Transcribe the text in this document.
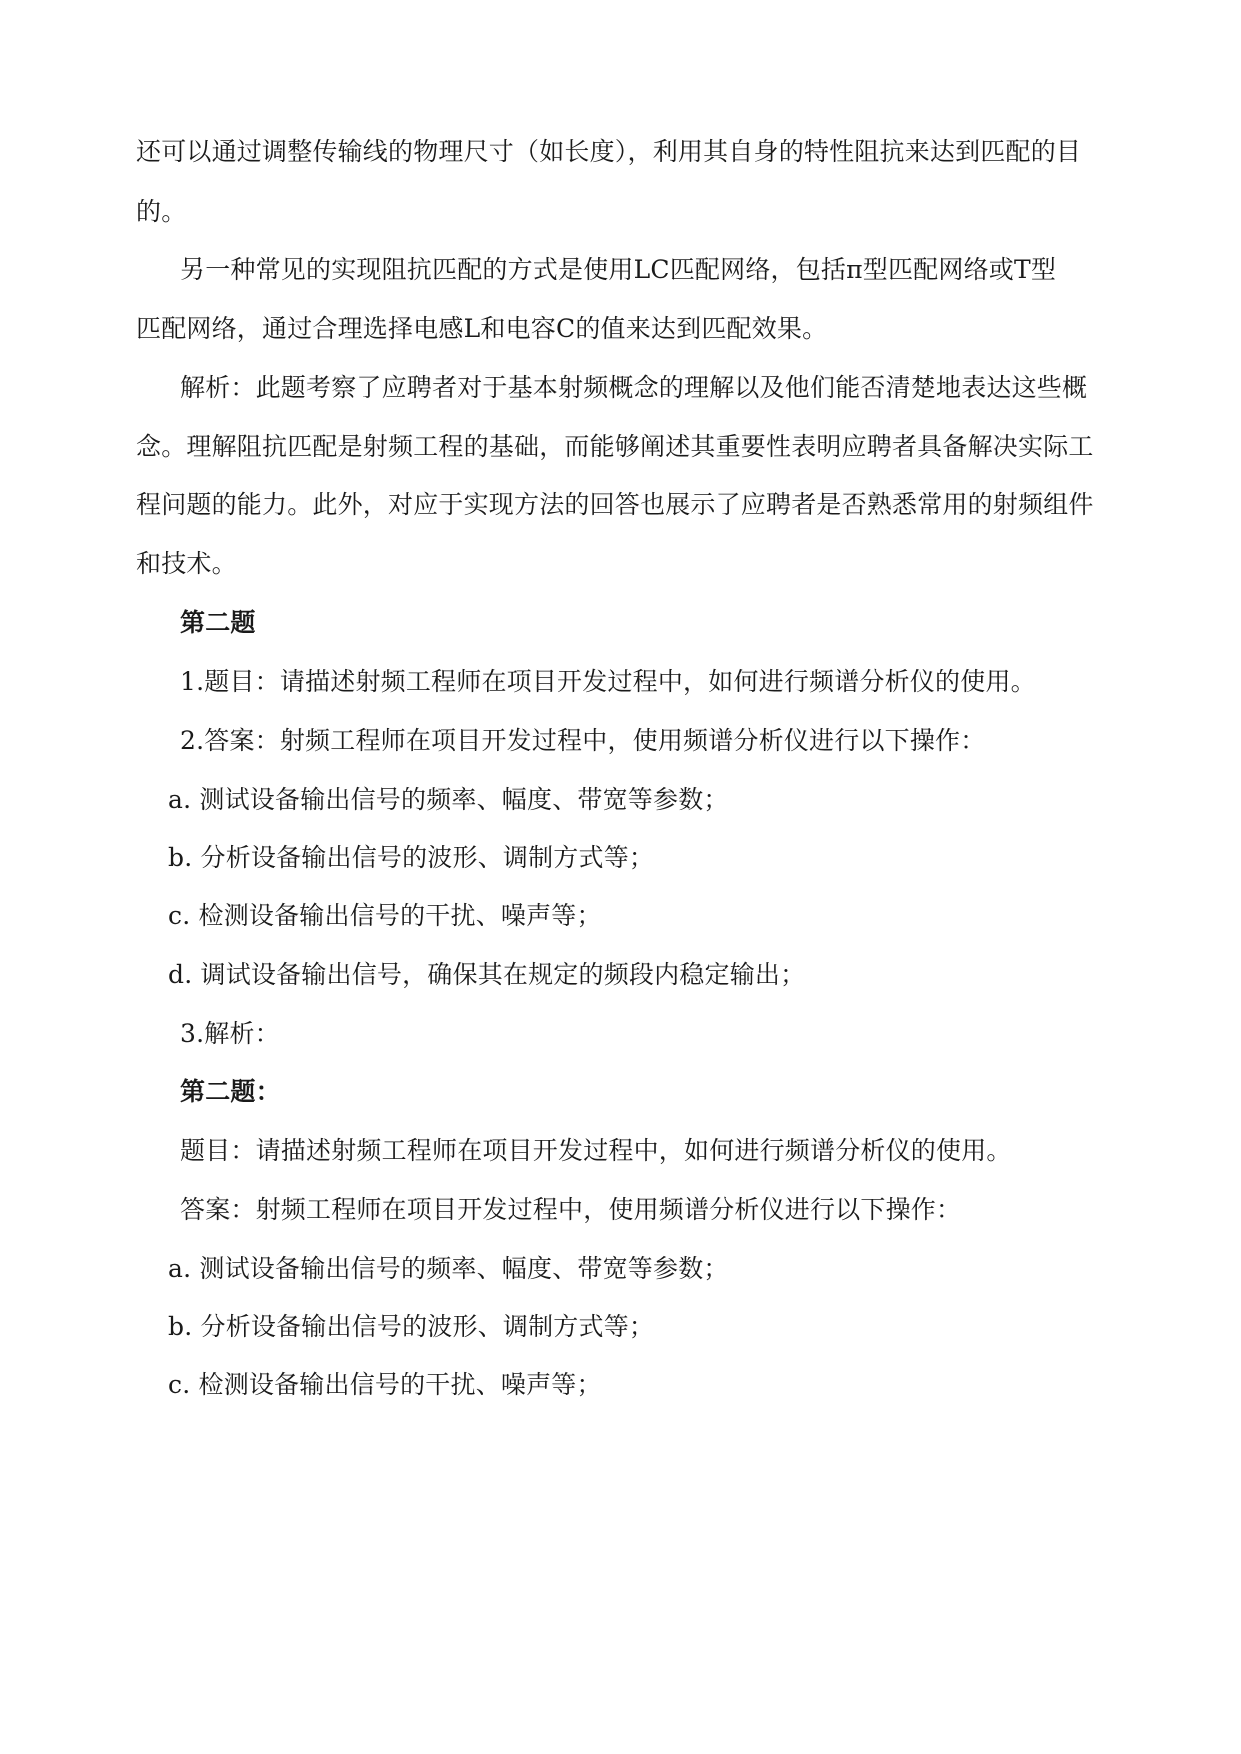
还可以通过调整传输线的物理尺寸（如长度），利用其自身的特性阻抗来达到匹配的目
的。
另一种常见的实现阻抗匹配的方式是使用LC匹配网络，包括π型匹配网络或T型
匹配网络，通过合理选择电感L和电容C的值来达到匹配效果。
解析：此题考察了应聘者对于基本射频概念的理解以及他们能否清楚地表达这些概
念。理解阻抗匹配是射频工程的基础，而能够阐述其重要性表明应聘者具备解决实际工
程问题的能力。此外，对应于实现方法的回答也展示了应聘者是否熟悉常用的射频组件
和技术。
第二题
1.题目：请描述射频工程师在项目开发过程中，如何进行频谱分析仪的使用。
2.答案：射频工程师在项目开发过程中，使用频谱分析仪进行以下操作：
a. 测试设备输出信号的频率、幅度、带宽等参数；
b. 分析设备输出信号的波形、调制方式等；
c. 检测设备输出信号的干扰、噪声等；
d. 调试设备输出信号，确保其在规定的频段内稳定输出；
3.解析：
第二题：
题目：请描述射频工程师在项目开发过程中，如何进行频谱分析仪的使用。
答案：射频工程师在项目开发过程中，使用频谱分析仪进行以下操作：
a. 测试设备输出信号的频率、幅度、带宽等参数；
b. 分析设备输出信号的波形、调制方式等；
c. 检测设备输出信号的干扰、噪声等；
